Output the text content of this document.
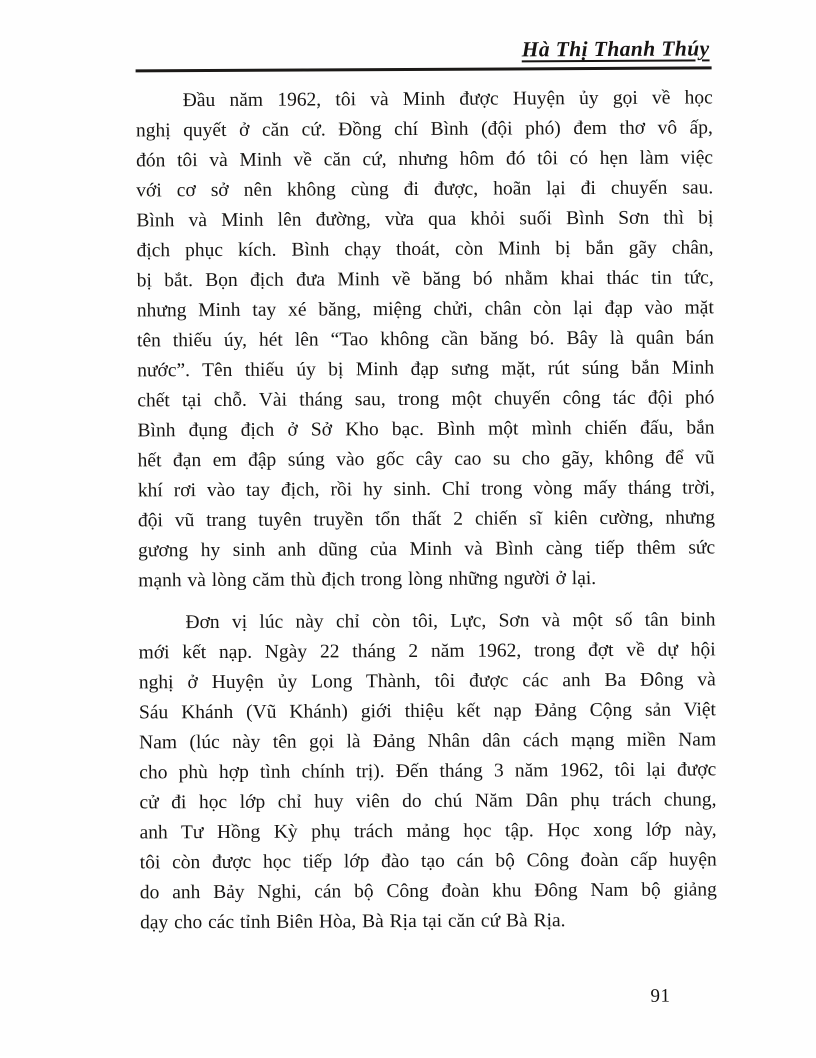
Hà Thị Thanh Thúy
Đầu năm 1962, tôi và Minh được Huyện ủy gọi về học
nghị quyết ở căn cứ. Đồng chí Bình (đội phó) đem thơ vô ấp,
đón tôi và Minh về căn cứ, nhưng hôm đó tôi có hẹn làm việc
với cơ sở nên không cùng đi được, hoãn lại đi chuyến sau.
Bình và Minh lên đường, vừa qua khỏi suối Bình Sơn thì bị
địch phục kích. Bình chạy thoát, còn Minh bị bắn gãy chân,
bị bắt. Bọn địch đưa Minh về băng bó nhằm khai thác tin tức,
nhưng Minh tay xé băng, miệng chửi, chân còn lại đạp vào mặt
tên thiếu úy, hét lên “Tao không cần băng bó. Bây là quân bán
nước”. Tên thiếu úy bị Minh đạp sưng mặt, rút súng bắn Minh
chết tại chỗ. Vài tháng sau, trong một chuyến công tác đội phó
Bình đụng địch ở Sở Kho bạc. Bình một mình chiến đấu, bắn
hết đạn em đập súng vào gốc cây cao su cho gãy, không để vũ
khí rơi vào tay địch, rồi hy sinh. Chỉ trong vòng mấy tháng trời,
đội vũ trang tuyên truyền tổn thất 2 chiến sĩ kiên cường, nhưng
gương hy sinh anh dũng của Minh và Bình càng tiếp thêm sức
mạnh và lòng căm thù địch trong lòng những người ở lại.
Đơn vị lúc này chỉ còn tôi, Lực, Sơn và một số tân binh
mới kết nạp. Ngày 22 tháng 2 năm 1962, trong đợt về dự hội
nghị ở Huyện ủy Long Thành, tôi được các anh Ba Đông và
Sáu Khánh (Vũ Khánh) giới thiệu kết nạp Đảng Cộng sản Việt
Nam (lúc này tên gọi là Đảng Nhân dân cách mạng miền Nam
cho phù hợp tình chính trị). Đến tháng 3 năm 1962, tôi lại được
cử đi học lớp chỉ huy viên do chú Năm Dân phụ trách chung,
anh Tư Hồng Kỳ phụ trách mảng học tập. Học xong lớp này,
tôi còn được học tiếp lớp đào tạo cán bộ Công đoàn cấp huyện
do anh Bảy Nghi, cán bộ Công đoàn khu Đông Nam bộ giảng
dạy cho các tỉnh Biên Hòa, Bà Rịa tại căn cứ Bà Rịa.
91
